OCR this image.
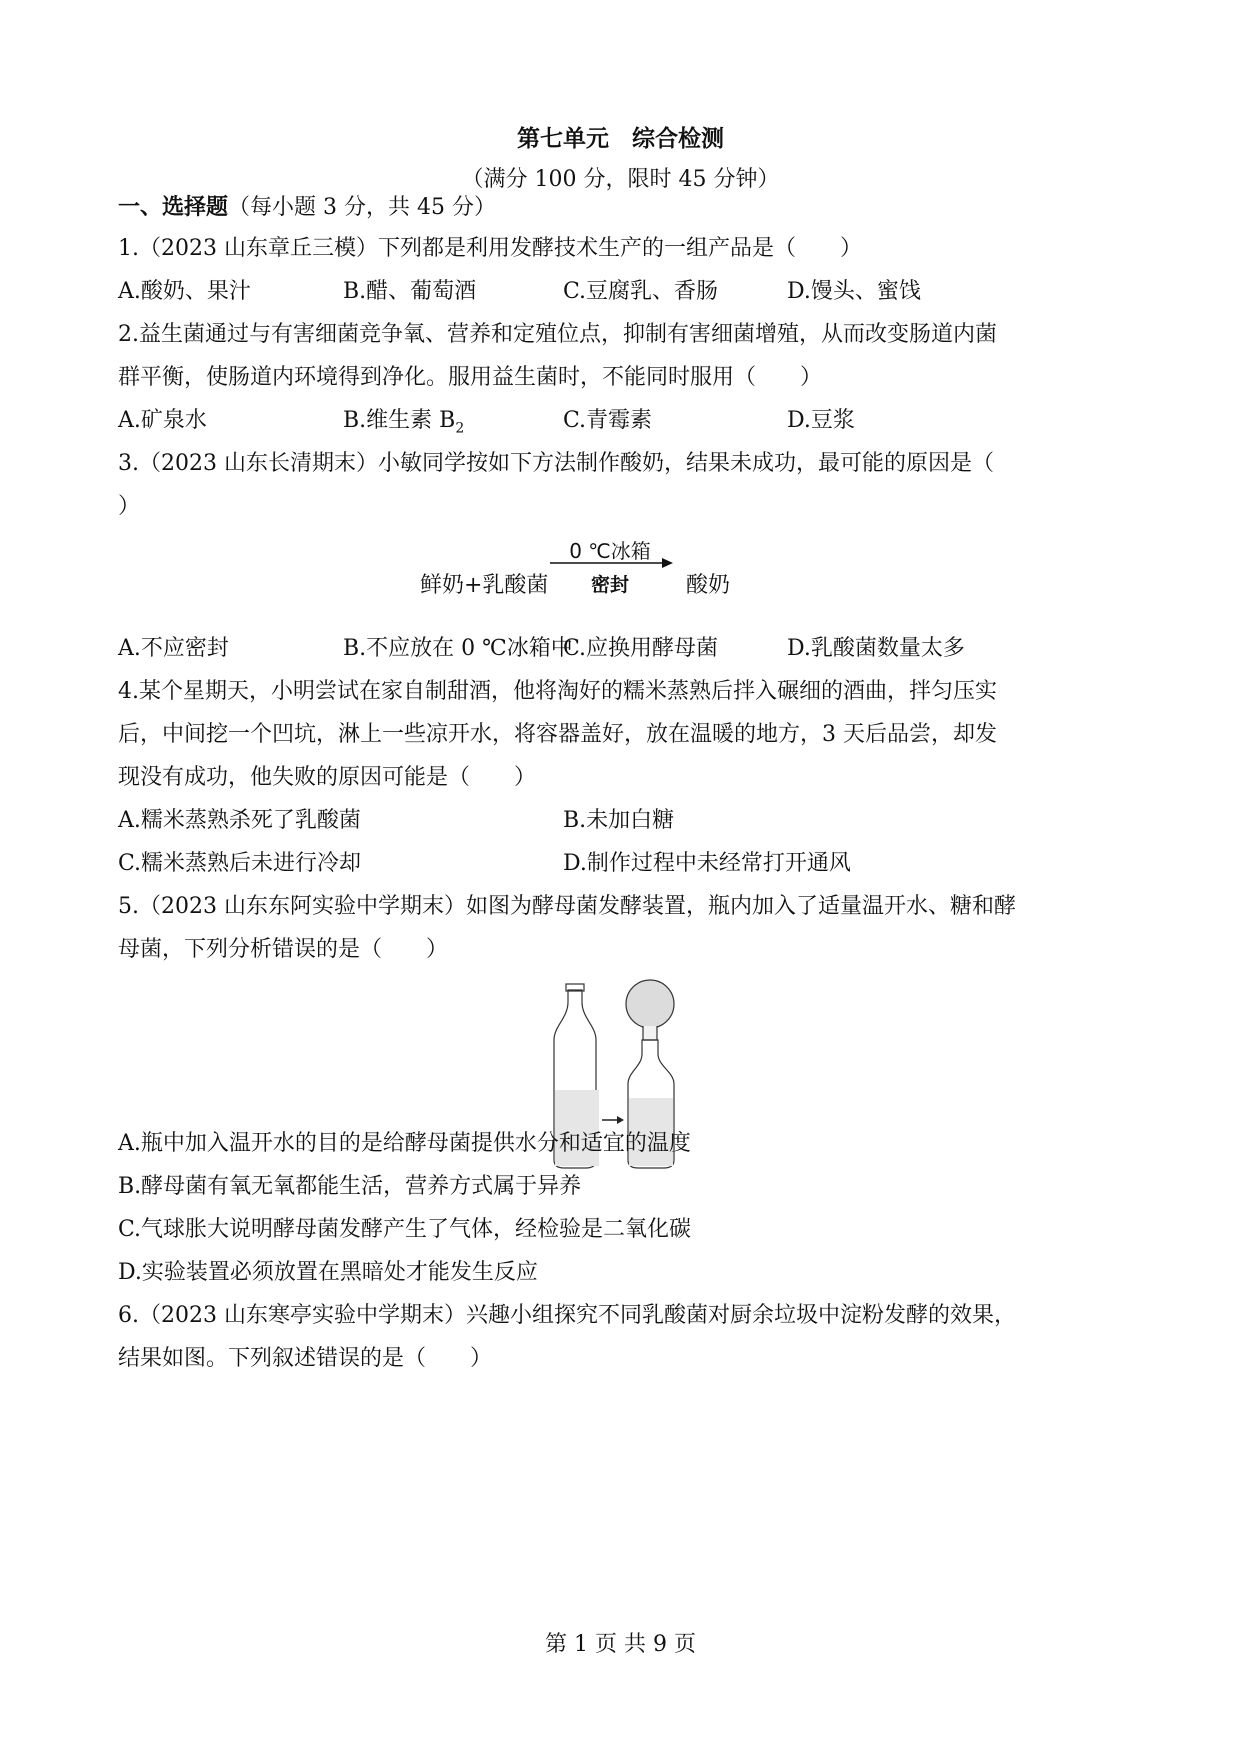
第七单元　综合检测
（满分 100 分，限时 45 分钟）
一、选择题（每小题 3 分，共 45 分）
1.（2023 山东章丘三模）下列都是利用发酵技术生产的一组产品是（　　）
A.酸奶、果汁	B.醋、葡萄酒	C.豆腐乳、香肠	D.馒头、蜜饯
2.益生菌通过与有害细菌竞争氧、营养和定殖位点，抑制有害细菌增殖，从而改变肠道内菌
群平衡，使肠道内环境得到净化。服用益生菌时，不能同时服用（　　）
A.矿泉水	B.维生素 $B_2$	C.青霉素	D.豆浆
3.（2023 山东长清期末）小敏同学按如下方法制作酸奶，结果未成功，最可能的原因是（
）
鲜奶+乳酸菌
0 ℃冰箱
密封	酸奶
A.不应密封	B.不应放在 0 ℃冰箱中
C.应换用酵母菌	D.乳酸菌数量太多
4.某个星期天，小明尝试在家自制甜酒，他将淘好的糯米蒸熟后拌入碾细的酒曲，拌匀压实
后，中间挖一个凹坑，淋上一些凉开水，将容器盖好，放在温暖的地方，3 天后品尝，却发
现没有成功，他失败的原因可能是（　　）
A.糯米蒸熟杀死了乳酸菌	B.未加白糖
C.糯米蒸熟后未进行冷却	D.制作过程中未经常打开通风
5.（2023 山东东阿实验中学期末）如图为酵母菌发酵装置，瓶内加入了适量温开水、糖和酵
母菌，下列分析错误的是（　　）
A.瓶中加入温开水的目的是给酵母菌提供水分和适宜的温度
B.酵母菌有氧无氧都能生活，营养方式属于异养
C.气球胀大说明酵母菌发酵产生了气体，经检验是二氧化碳
D.实验装置必须放置在黑暗处才能发生反应
6.（2023 山东寒亭实验中学期末）兴趣小组探究不同乳酸菌对厨余垃圾中淀粉发酵的效果，
结果如图。下列叙述错误的是（　　）
第 1 页 共 9 页
